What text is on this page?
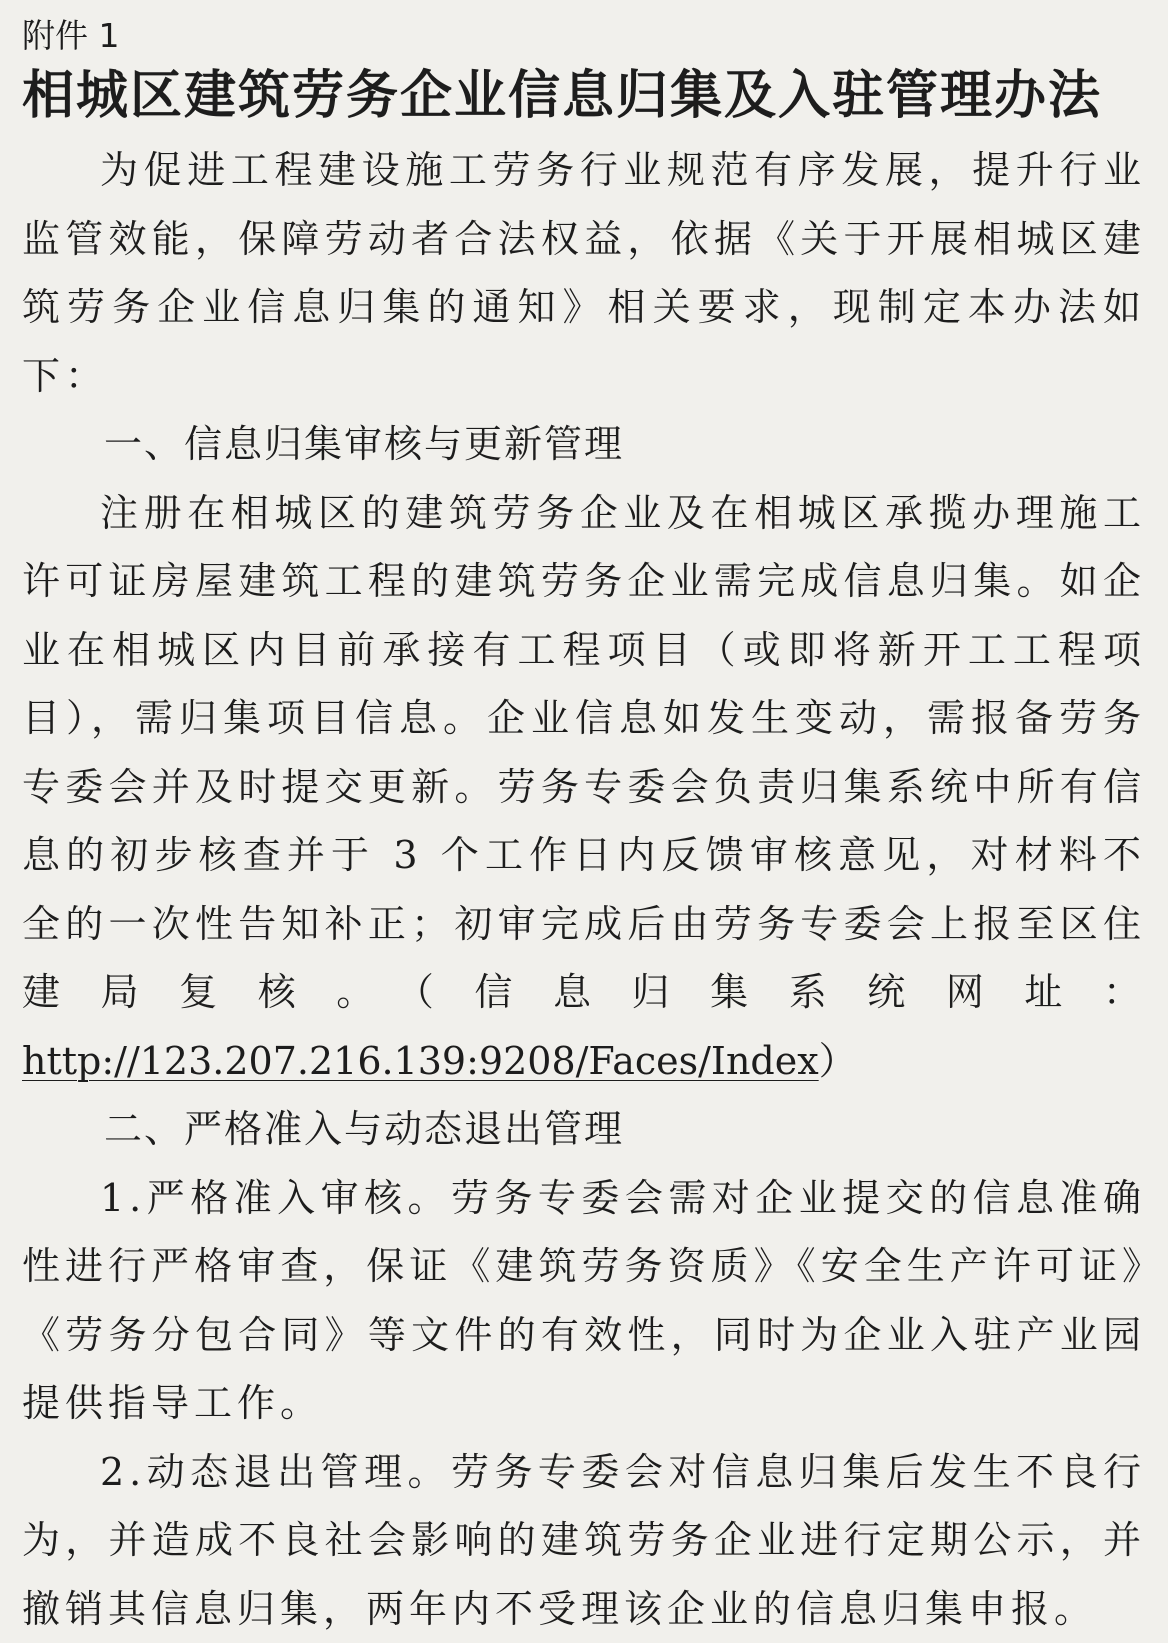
附件 1

相城区建筑劳务企业信息归集及入驻管理办法

为促进工程建设施工劳务行业规范有序发展，提升行业监管效能，保障劳动者合法权益，依据《关于开展相城区建筑劳务企业信息归集的通知》相关要求，现制定本办法如下：

一、信息归集审核与更新管理

注册在相城区的建筑劳务企业及在相城区承揽办理施工许可证房屋建筑工程的建筑劳务企业需完成信息归集。如企业在相城区内目前承接有工程项目（或即将新开工工程项目），需归集项目信息。企业信息如发生变动，需报备劳务专委会并及时提交更新。劳务专委会负责归集系统中所有信息的初步核查并于 3 个工作日内反馈审核意见，对材料不全的一次性告知补正；初审完成后由劳务专委会上报至区住建局复核。（信息归集系统网址：http://123.207.216.139:9208/Faces/Index）

二、严格准入与动态退出管理

1.严格准入审核。劳务专委会需对企业提交的信息准确性进行严格审查，保证《建筑劳务资质》《安全生产许可证》《劳务分包合同》等文件的有效性，同时为企业入驻产业园提供指导工作。

2.动态退出管理。劳务专委会对信息归集后发生不良行为，并造成不良社会影响的建筑劳务企业进行定期公示，并撤销其信息归集，两年内不受理该企业的信息归集申报。
